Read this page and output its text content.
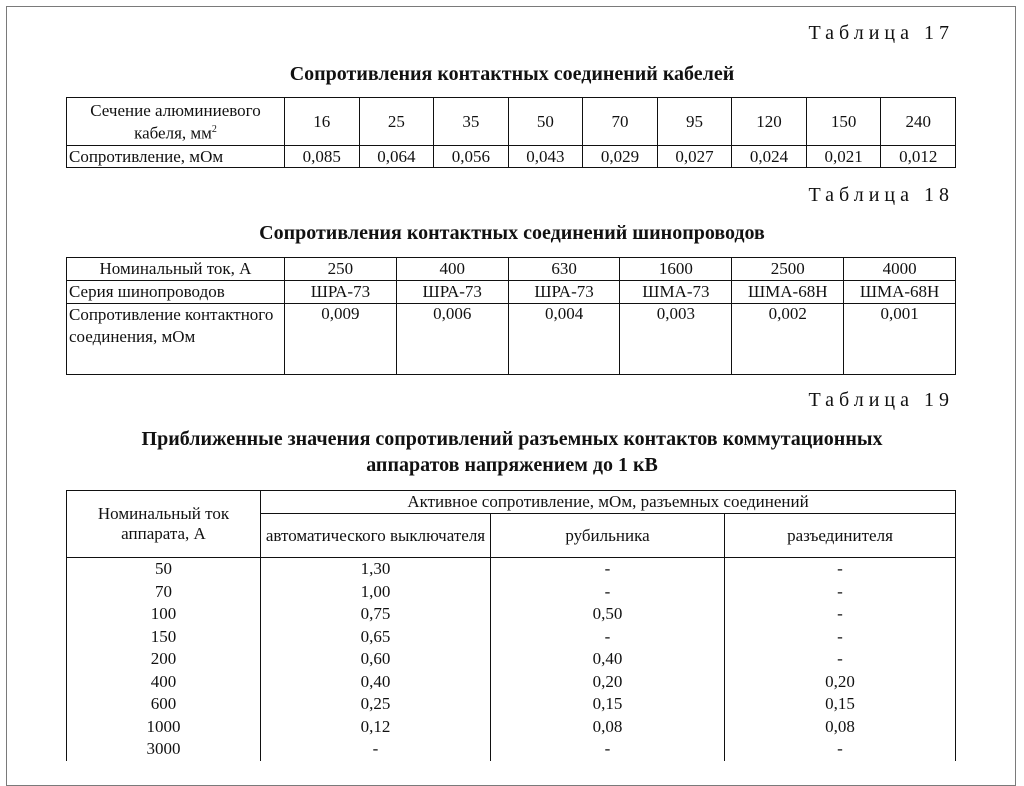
Таблица 17
Сопротивления контактных соединений кабелей
Сечение алюминиевого кабеля, $мм^2$	16	25	35	50	70	95	120	150	240
Сопротивление, мОм	0,085	0,064	0,056	0,043	0,029	0,027	0,024	0,021	0,012
Таблица 18
Сопротивления контактных соединений шинопроводов
Номинальный ток, А	250	400	630	1600	2500	4000
Серия шинопроводов	ШРА-73	ШРА-73	ШРА-73	ШМА-73	ШМА-68Н	ШМА-68Н
Сопротивление контактного соединения, мОм	0,009	0,006	0,004	0,003	0,002	0,001
Таблица 19
Приближенные значения сопротивлений разъемных контактов коммутационных
аппаратов напряжением до 1 кВ
Номинальный ток аппарата, А	Активное сопротивление, мОм, разъемных соединений		
	автоматического выключателя	рубильника	разъединителя
50	1,30	-	-
70	1,00	-	-
100	0,75	0,50	-
150	0,65	-	-
200	0,60	0,40	-
400	0,40	0,20	0,20
600	0,25	0,15	0,15
1000	0,12	0,08	0,08
3000	-	-	-
